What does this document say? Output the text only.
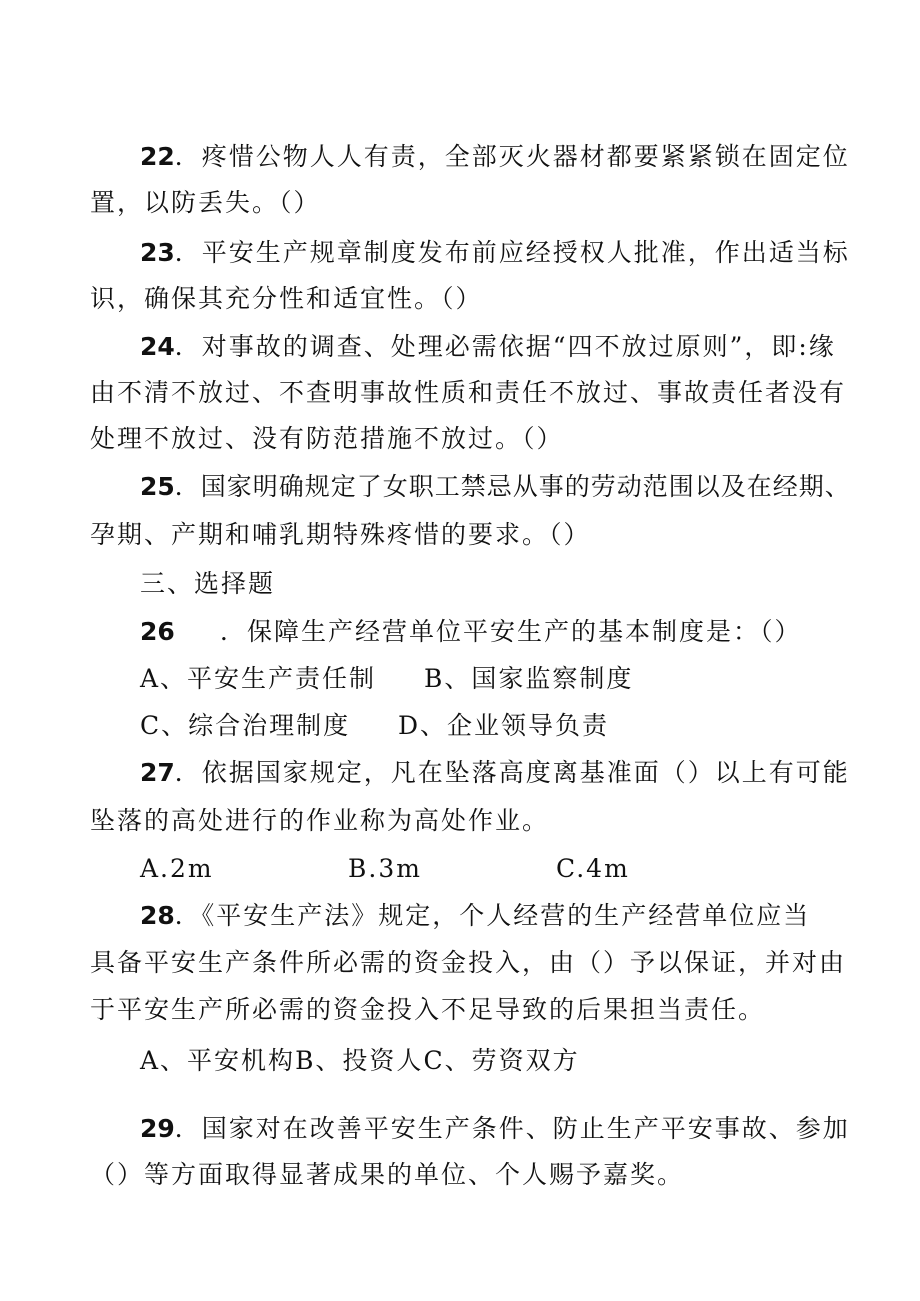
22．疼惜公物人人有责，全部灭火器材都要紧紧锁在固定位
置，以防丢失。（）
23．平安生产规章制度发布前应经授权人批准，作出适当标
识，确保其充分性和适宜性。（）
24．对事故的调查、处理必需依据“四不放过原则”，即:缘
由不清不放过、不查明事故性质和责任不放过、事故责任者没有
处理不放过、没有防范措施不放过。（）
25．国家明确规定了女职工禁忌从事的劳动范围以及在经期、
孕期、产期和哺乳期特殊疼惜的要求。（）
三、选择题
26 ．保障生产经营单位平安生产的基本制度是：（）
A、平安生产责任制 B、国家监察制度
C、综合治理制度 D、企业领导负责
27．依据国家规定，凡在坠落高度离基准面（）以上有可能
坠落的高处进行的作业称为高处作业。
A.2m	B.3m	C.4m
28．《平安生产法》规定，个人经营的生产经营单位应当
具备平安生产条件所必需的资金投入，由（）予以保证，并对由
于平安生产所必需的资金投入不足导致的后果担当责任。
A、平安机构B、投资人C、劳资双方
29．国家对在改善平安生产条件、防止生产平安事故、参加
（）等方面取得显著成果的单位、个人赐予嘉奖。
